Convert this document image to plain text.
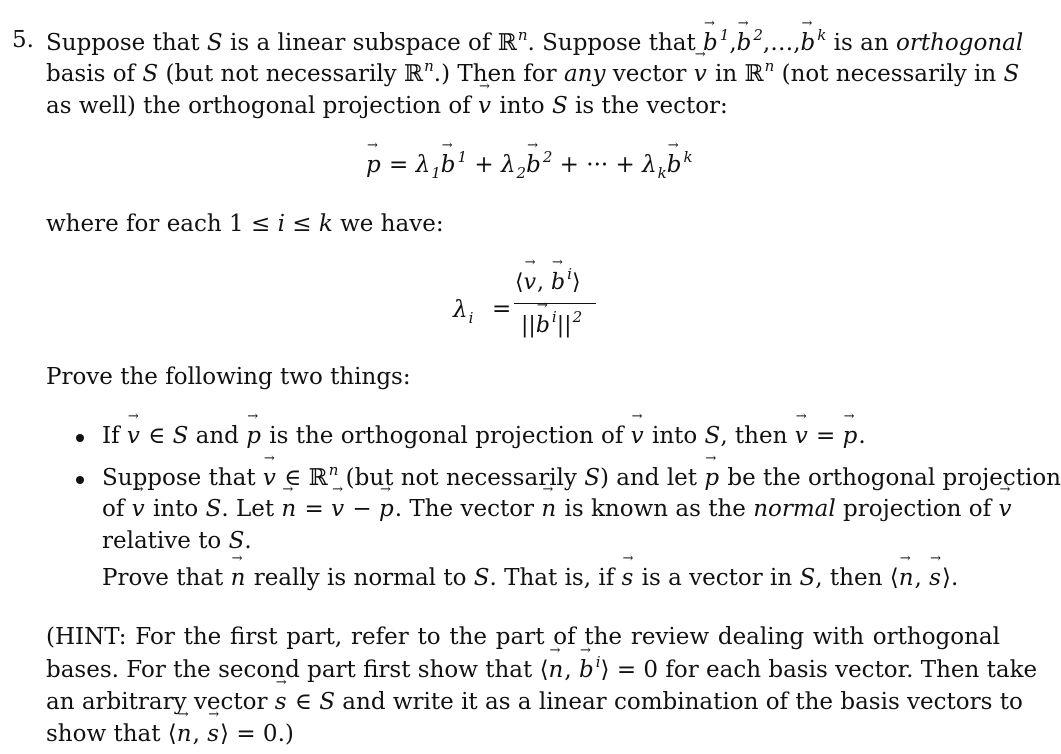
5. Suppose that S is a linear subspace of ℝ$^n$. Suppose that → b $^1$,→ b $^2$,…,→ b $^k$ is an orthogonal
basis of S (but not necessarily ℝ$^n$.) Then for any vector → v in ℝ$^n$ (not necessarily in S
as well) the orthogonal projection of → v into S is the vector:
→ $p = \lambda_1\to b$ $^1 + \lambda_2\to b$ $^2$ + ··· + $\lambda_k\to b$ $^k$
where for each 1 ≤ i ≤ k we have:
$\lambda_i$ =
⟨→ v, → b $^i$⟩
||→ b $^i||^2$
Prove the following two things:
If → v ∈ S and → p is the orthogonal projection of → v into S, then → v = → p.
Suppose that → v ∈ ℝ$^n$ (but not necessarily S) and let → p be the orthogonal projection
of → v into S. Let → n = → v − → p. The vector → n is known as the normal projection of → v
relative to S.
Prove that → n really is normal to S. That is, if → s is a vector in S, then ⟨→ n, → s⟩.
(HINT: For the first part, refer to the part of the review dealing with orthogonal
bases. For the second part first show that ⟨→ n, → b $^i$⟩ = 0 for each basis vector. Then take
an arbitrary vector → s ∈ S and write it as a linear combination of the basis vectors to
show that ⟨→ n, → s⟩ = 0.)
